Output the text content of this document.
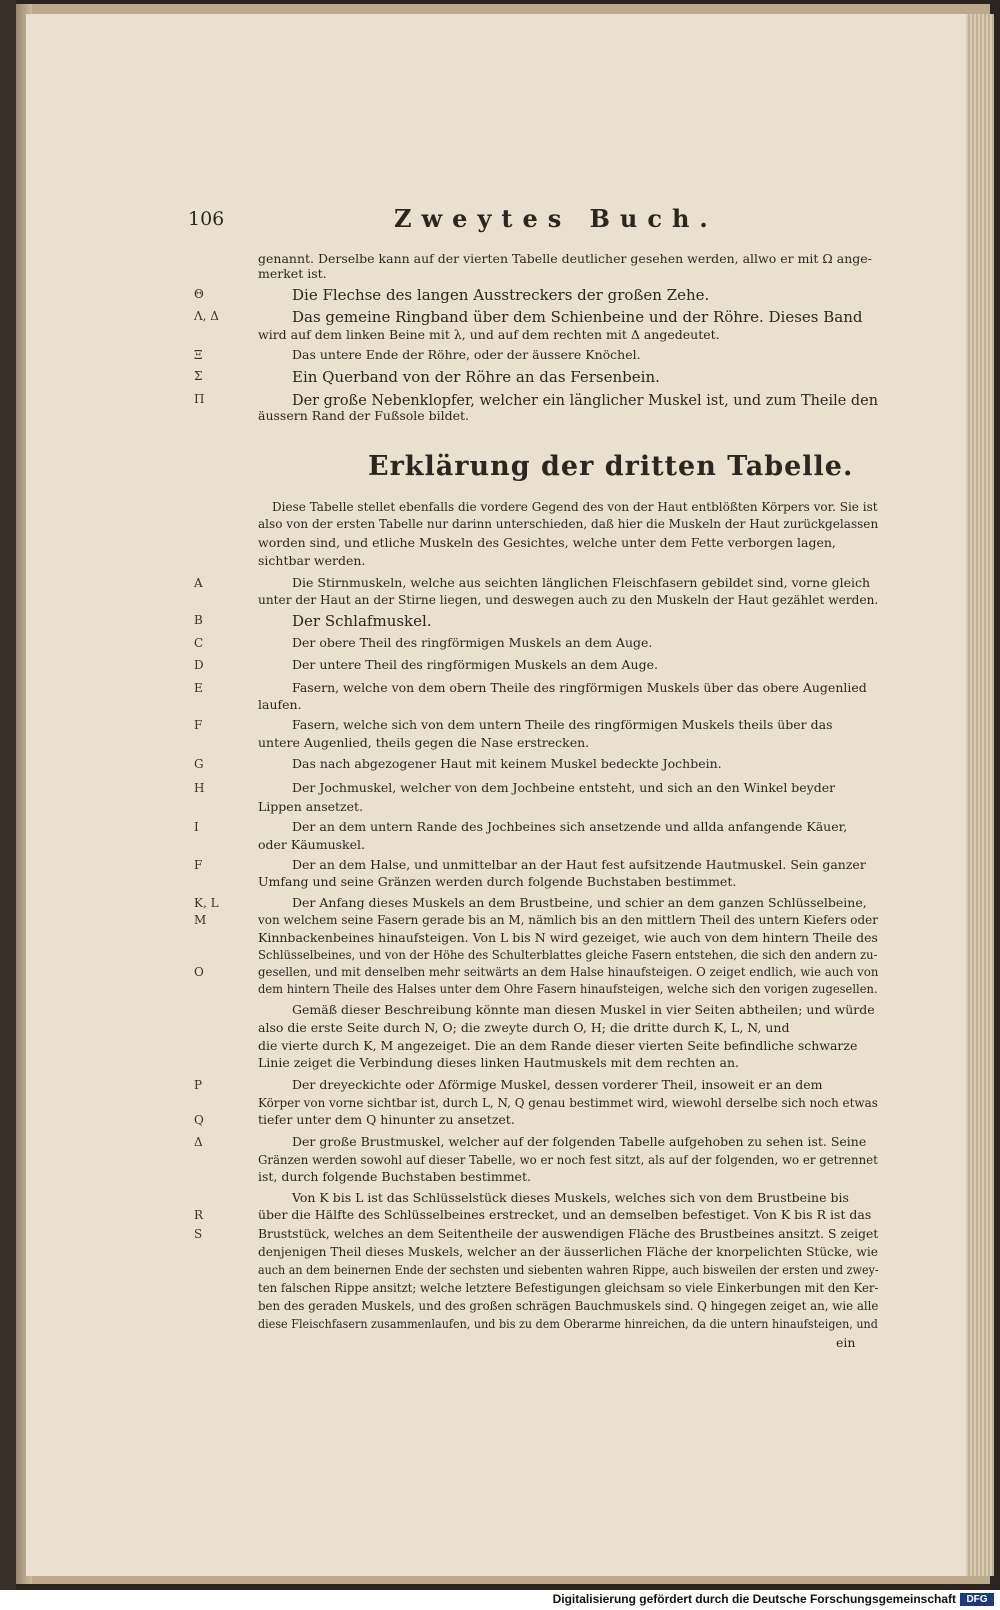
106	Zweytes Buch.
Erklärung der dritten Tabelle.
genannt. Derselbe kann auf der vierten Tabelle deutlicher gesehen werden, allwo er mit Ω ange-
merket ist.
Θ	Die Flechse des langen Ausstreckers der großen Zehe.
Λ, Δ	Das gemeine Ringband über dem Schienbeine und der Röhre. Dieses Band
wird auf dem linken Beine mit λ, und auf dem rechten mit Δ angedeutet.
Ξ	Das untere Ende der Röhre, oder der äussere Knöchel.
Σ	Ein Querband von der Röhre an das Fersenbein.
Π	Der große Nebenklopfer, welcher ein länglicher Muskel ist, und zum Theile den
äussern Rand der Fußsole bildet.
Diese Tabelle stellet ebenfalls die vordere Gegend des von der Haut entblößten Körpers vor. Sie ist
also von der ersten Tabelle nur darinn unterschieden, daß hier die Muskeln der Haut zurückgelassen
worden sind, und etliche Muskeln des Gesichtes, welche unter dem Fette verborgen lagen,
sichtbar werden.
A	Die Stirnmuskeln, welche aus seichten länglichen Fleischfasern gebildet sind, vorne gleich
unter der Haut an der Stirne liegen, und deswegen auch zu den Muskeln der Haut gezählet werden.
B	Der Schlafmuskel.
C	Der obere Theil des ringförmigen Muskels an dem Auge.
D	Der untere Theil des ringförmigen Muskels an dem Auge.
E	Fasern, welche von dem obern Theile des ringförmigen Muskels über das obere Augenlied
laufen.
F	Fasern, welche sich von dem untern Theile des ringförmigen Muskels theils über das
untere Augenlied, theils gegen die Nase erstrecken.
G	Das nach abgezogener Haut mit keinem Muskel bedeckte Jochbein.
H	Der Jochmuskel, welcher von dem Jochbeine entsteht, und sich an den Winkel beyder
Lippen ansetzet.
I	Der an dem untern Rande des Jochbeines sich ansetzende und allda anfangende Käuer,
oder Käumuskel.
F	Der an dem Halse, und unmittelbar an der Haut fest aufsitzende Hautmuskel. Sein ganzer
Umfang und seine Gränzen werden durch folgende Buchstaben bestimmet.
K, L	Der Anfang dieses Muskels an dem Brustbeine, und schier an dem ganzen Schlüsselbeine,
M	von welchem seine Fasern gerade bis an M, nämlich bis an den mittlern Theil des untern Kiefers oder
Kinnbackenbeines hinaufsteigen. Von L bis N wird gezeiget, wie auch von dem hintern Theile des
Schlüsselbeines, und von der Höhe des Schulterblattes gleiche Fasern entstehen, die sich den andern zu-
O	gesellen, und mit denselben mehr seitwärts an dem Halse hinaufsteigen. O zeiget endlich, wie auch von
dem hintern Theile des Halses unter dem Ohre Fasern hinaufsteigen, welche sich den vorigen zugesellen.
Gemäß dieser Beschreibung könnte man diesen Muskel in vier Seiten abtheilen; und würde
also die erste Seite durch N, O; die zweyte durch O, H; die dritte durch K, L, N, und
die vierte durch K, M angezeiget. Die an dem Rande dieser vierten Seite befindliche schwarze
Linie zeiget die Verbindung dieses linken Hautmuskels mit dem rechten an.
P	Der dreyeckichte oder Δförmige Muskel, dessen vorderer Theil, insoweit er an dem
Körper von vorne sichtbar ist, durch L, N, Q genau bestimmet wird, wiewohl derselbe sich noch etwas
Q	tiefer unter dem Q hinunter zu ansetzet.
Δ	Der große Brustmuskel, welcher auf der folgenden Tabelle aufgehoben zu sehen ist. Seine
Gränzen werden sowohl auf dieser Tabelle, wo er noch fest sitzt, als auf der folgenden, wo er getrennet
ist, durch folgende Buchstaben bestimmet.
Von K bis L ist das Schlüsselstück dieses Muskels, welches sich von dem Brustbeine bis
R	über die Hälfte des Schlüsselbeines erstrecket, und an demselben befestiget. Von K bis R ist das
S	Bruststück, welches an dem Seitentheile der auswendigen Fläche des Brustbeines ansitzt. S zeiget
denjenigen Theil dieses Muskels, welcher an der äusserlichen Fläche der knorpelichten Stücke, wie
auch an dem beinernen Ende der sechsten und siebenten wahren Rippe, auch bisweilen der ersten und zwey-
ten falschen Rippe ansitzt; welche letztere Befestigungen gleichsam so viele Einkerbungen mit den Ker-
ben des geraden Muskels, und des großen schrägen Bauchmuskels sind. Q hingegen zeiget an, wie alle
diese Fleischfasern zusammenlaufen, und bis zu dem Oberarme hinreichen, da die untern hinaufsteigen, und
ein
Digitalisierung gefördert durch die Deutsche Forschungsgemeinschaft	DFG
